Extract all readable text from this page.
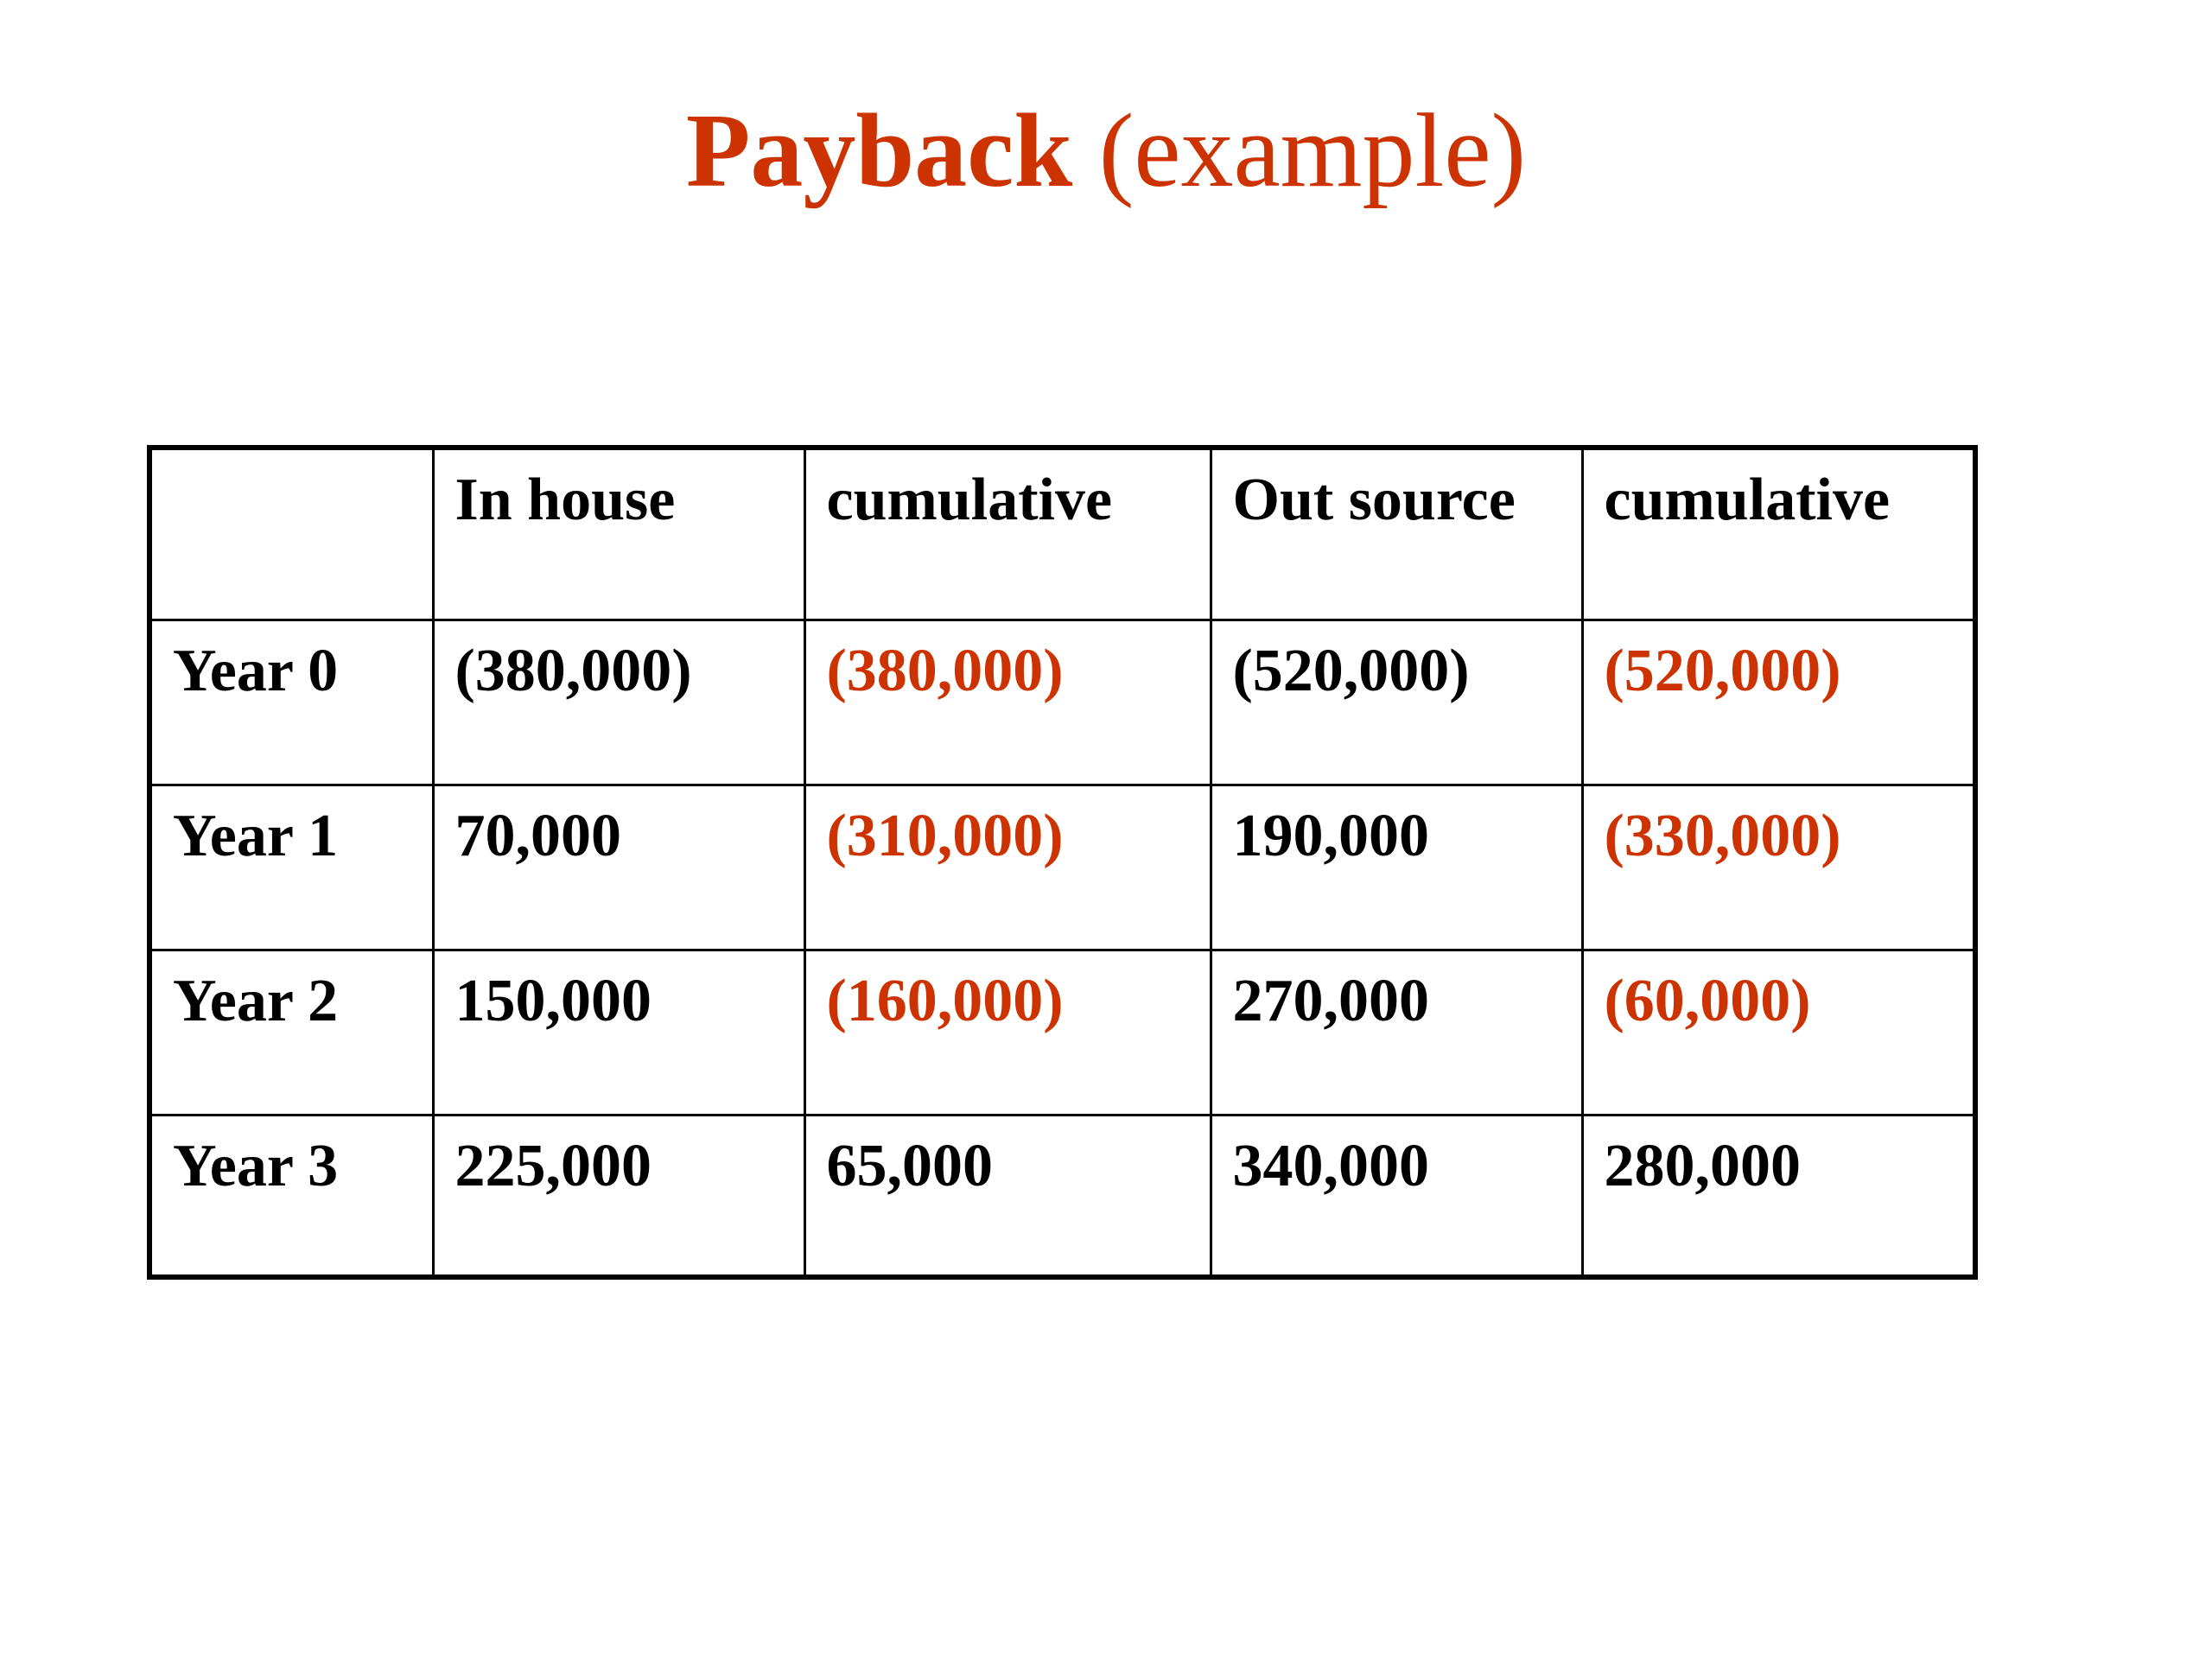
Payback (example)
	In house	cumulative	Out source	cumulative
Year 0	(380,000)	(380,000)	(520,000)	(520,000)
Year 1	70,000	(310,000)	190,000	(330,000)
Year 2	150,000	(160,000)	270,000	(60,000)
Year 3	225,000	65,000	340,000	280,000
